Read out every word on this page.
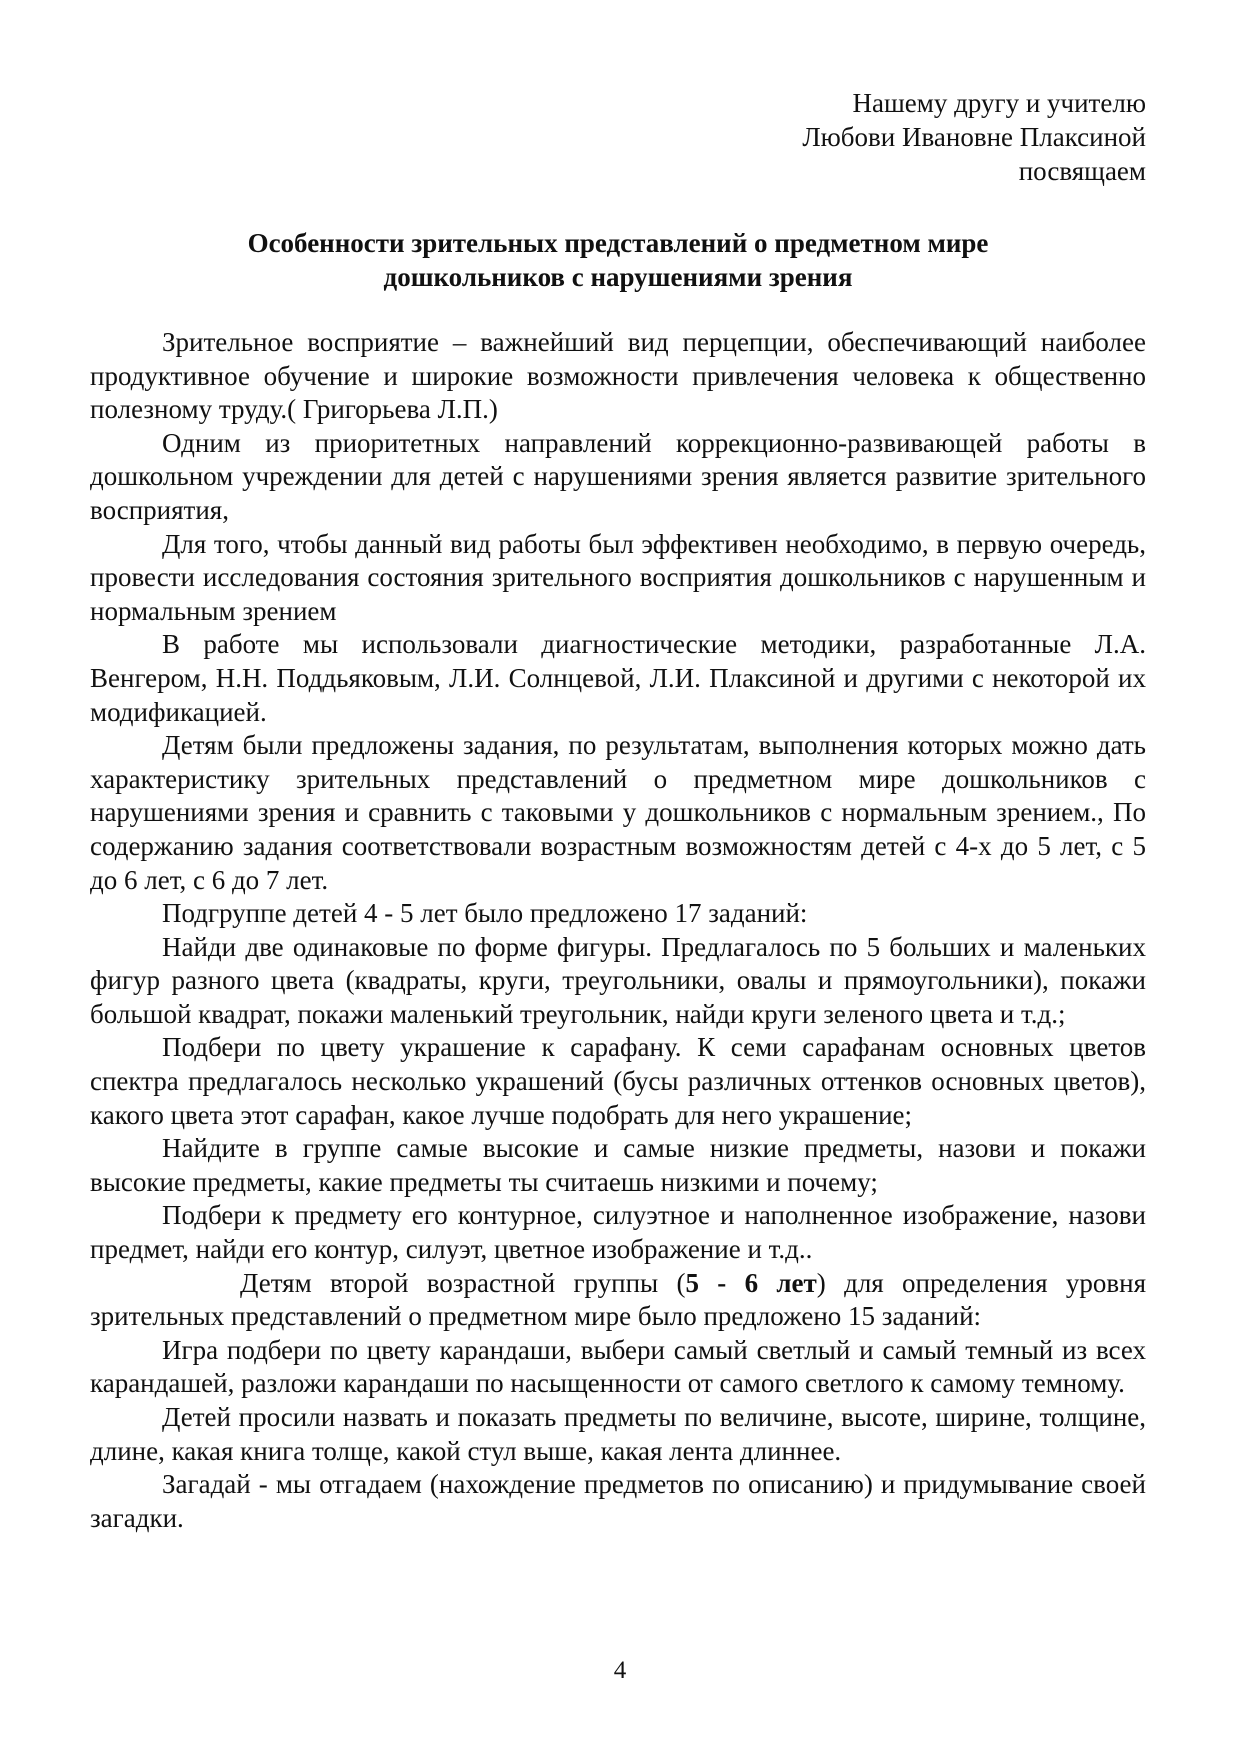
Нашему другу и учителю
Любови Ивановне Плаксиной
посвящаем
Особенности зрительных представлений о предметном мире
дошкольников с нарушениями зрения

Зрительное восприятие – важнейший вид перцепции, обеспечивающий наиболее продуктивное обучение и широкие возможности привлечения человека к общественно полезному труду.( Григорьева Л.П.)

Одним из приоритетных направлений коррекционно-развивающей работы в дошкольном учреждении для детей с нарушениями зрения является развитие зрительного восприятия,

Для того, чтобы данный вид работы был эффективен необходимо, в первую очередь, провести исследования состояния зрительного восприятия дошкольников с нарушенным и нормальным зрением

В работе мы использовали диагностические методики, разработанные Л.А. Венгером, Н.Н. Поддьяковым, Л.И. Солнцевой, Л.И. Плаксиной и другими с некоторой их модификацией.

Детям были предложены задания, по результатам, выполнения которых можно дать характеристику зрительных представлений о предметном мире дошкольников с нарушениями зрения и сравнить с таковыми у дошкольников с нормальным зрением., По содержанию задания соответствовали возрастным возможностям детей с 4-х до 5 лет, с 5 до 6 лет, с 6 до 7 лет.

Подгруппе детей 4 - 5 лет было предложено 17 заданий:

Найди две одинаковые по форме фигуры. Предлагалось по 5 больших и маленьких фигур разного цвета (квадраты, круги, треугольники, овалы и прямоугольники), покажи большой квадрат, покажи маленький треугольник, найди круги зеленого цвета и т.д.;

Подбери по цвету украшение к сарафану. К семи сарафанам основных цветов спектра предлагалось несколько украшений (бусы различных оттенков основных цветов), какого цвета этот сарафан, какое лучше подобрать для него украшение;

Найдите в группе самые высокие и самые низкие предметы, назови и покажи высокие предметы, какие предметы ты считаешь низкими и почему;

Подбери к предмету его контурное, силуэтное и наполненное изображение, назови предмет, найди его контур, силуэт, цветное изображение и т.д..

Детям второй возрастной группы (5 - 6 лет) для определения уровня зрительных представлений о предметном мире было предложено 15 заданий:

Игра подбери по цвету карандаши, выбери самый светлый и самый темный из всех карандашей, разложи карандаши по насыщенности от самого светлого к самому темному.

Детей просили назвать и показать предметы по величине, высоте, ширине, толщине, длине, какая книга толще, какой стул выше, какая лента длиннее.

Загадай - мы отгадаем (нахождение предметов по описанию) и придумывание своей загадки.

4
